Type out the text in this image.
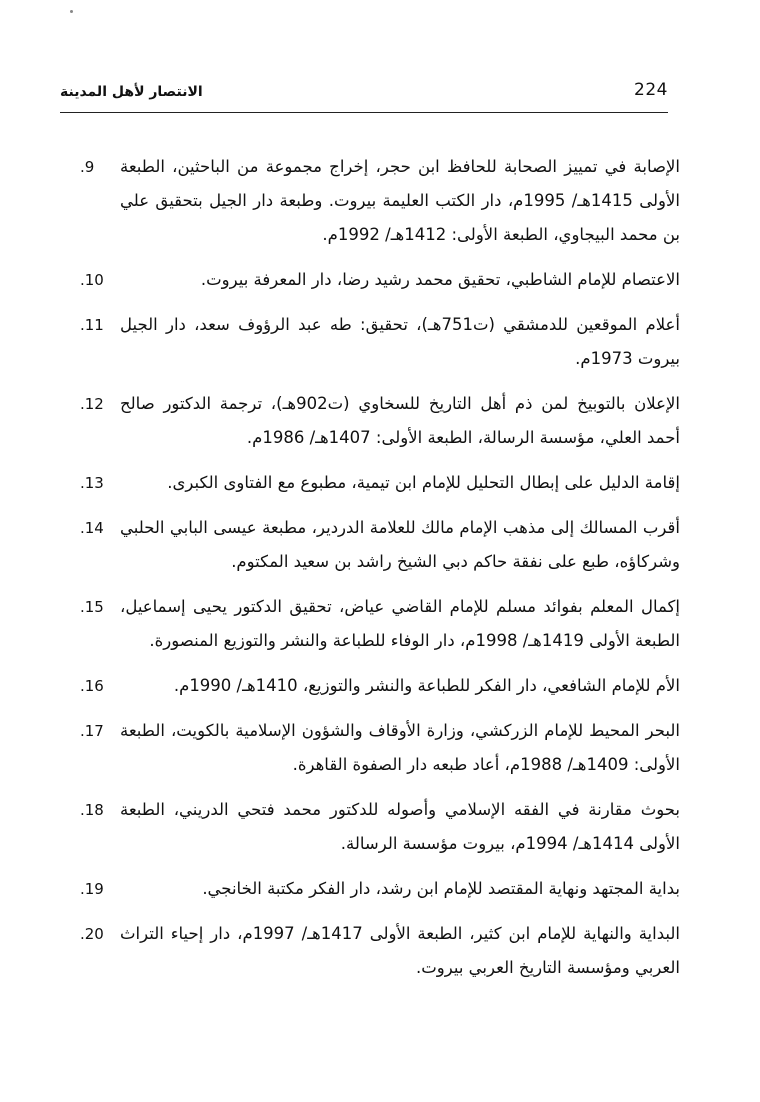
الانتصار لأهل المدينة	224
الإصابة في تمييز الصحابة للحافظ ابن حجر، إخراج مجموعة من الباحثين، الطبعة الأولى 1415هـ/ 1995م، دار الكتب العليمة بيروت. وطبعة دار الجيل بتحقيق علي بن محمد البيجاوي، الطبعة الأولى: 1412هـ/ 1992م.
.9
الاعتصام للإمام الشاطبي، تحقيق محمد رشيد رضا، دار المعرفة بيروت.
.10
أعلام الموقعين للدمشقي (ت751هـ)، تحقيق: طه عبد الرؤوف سعد، دار الجيل بيروت 1973م.
.11
الإعلان بالتوبيخ لمن ذم أهل التاريخ للسخاوي (ت902هـ)، ترجمة الدكتور صالح أحمد العلي، مؤسسة الرسالة، الطبعة الأولى: 1407هـ/ 1986م.
.12
إقامة الدليل على إبطال التحليل للإمام ابن تيمية، مطبوع مع الفتاوى الكبرى.
.13
أقرب المسالك إلى مذهب الإمام مالك للعلامة الدردير، مطبعة عيسى البابي الحلبي وشركاؤه، طبع على نفقة حاكم دبي الشيخ راشد بن سعيد المكتوم.
.14
إكمال المعلم بفوائد مسلم للإمام القاضي عياض، تحقيق الدكتور يحيى إسماعيل، الطبعة الأولى 1419هـ/ 1998م، دار الوفاء للطباعة والنشر والتوزيع المنصورة.
.15
الأم للإمام الشافعي، دار الفكر للطباعة والنشر والتوزيع، 1410هـ/ 1990م.
.16
البحر المحيط للإمام الزركشي، وزارة الأوقاف والشؤون الإسلامية بالكويت، الطبعة الأولى: 1409هـ/ 1988م، أعاد طبعه دار الصفوة القاهرة.
.17
بحوث مقارنة في الفقه الإسلامي وأصوله للدكتور محمد فتحي الدريني، الطبعة الأولى 1414هـ/ 1994م، بيروت مؤسسة الرسالة.
.18
بداية المجتهد ونهاية المقتصد للإمام ابن رشد، دار الفكر مكتبة الخانجي.
.19
البداية والنهاية للإمام ابن كثير، الطبعة الأولى 1417هـ/ 1997م، دار إحياء التراث العربي ومؤسسة التاريخ العربي بيروت.
.20
